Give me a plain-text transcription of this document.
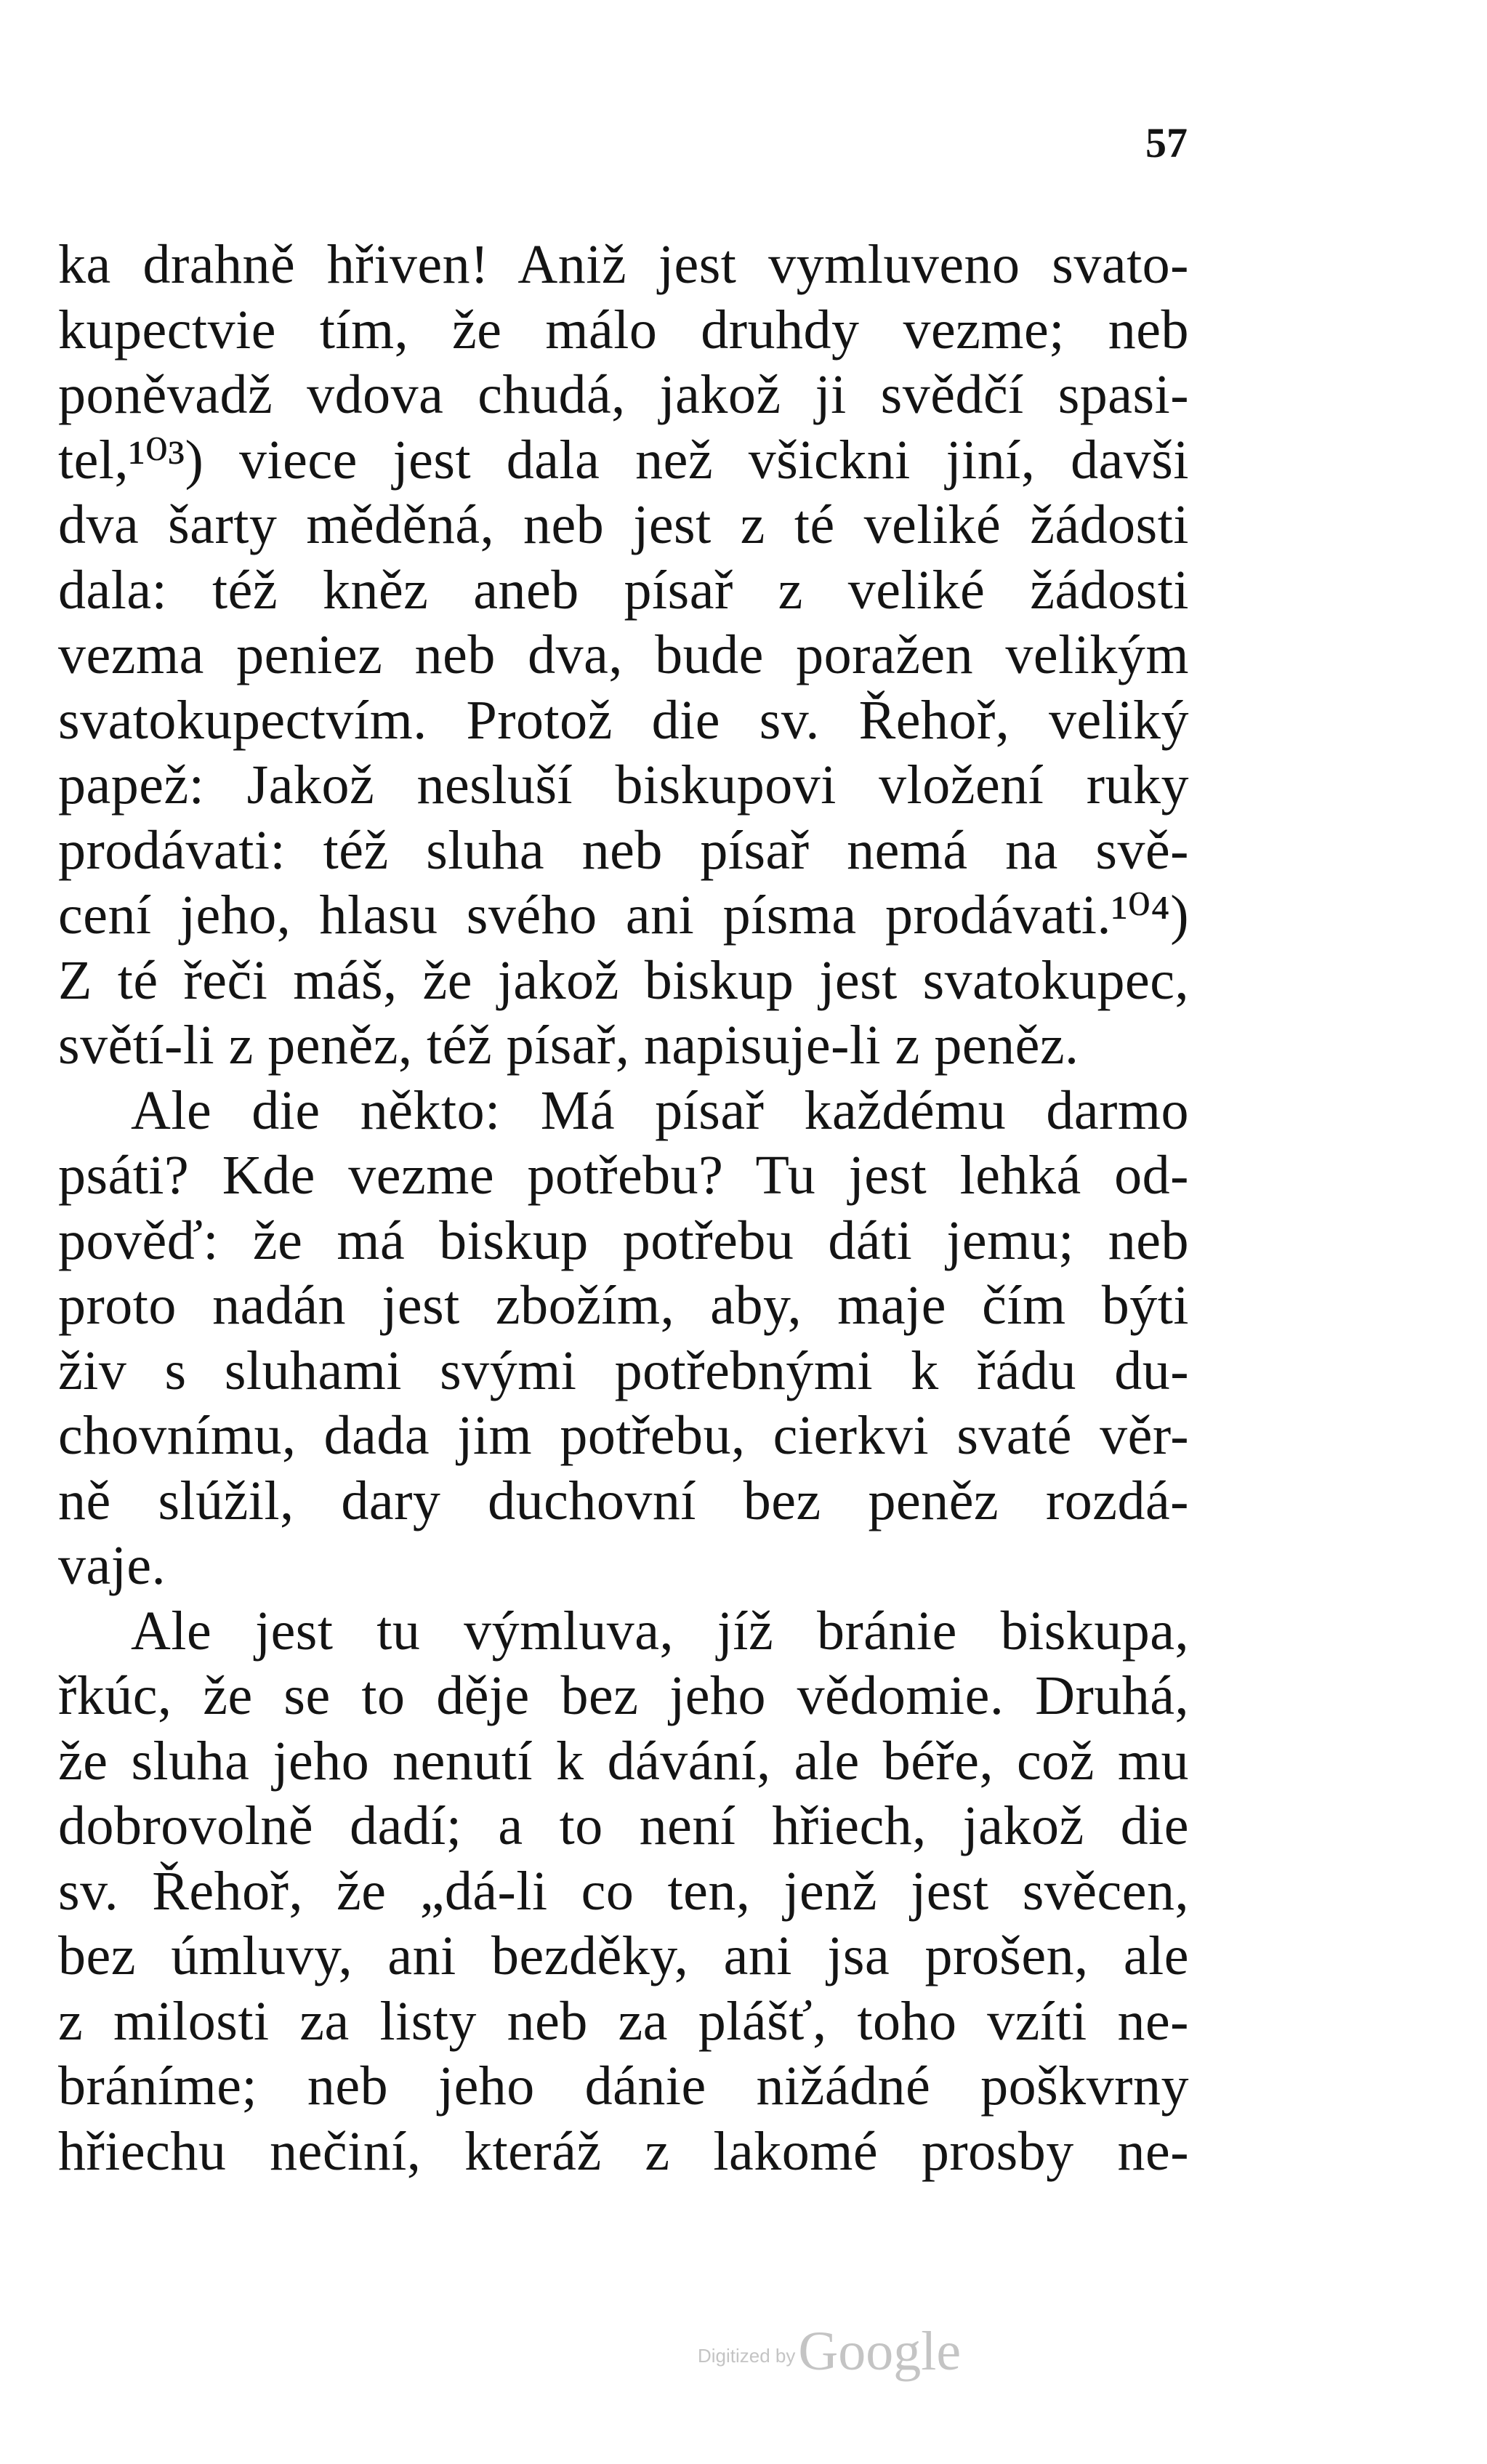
57
ka drahně hřiven! Aniž jest vymluveno svato-
kupectvie tím, že málo druhdy vezme; neb
poněvadž vdova chudá, jakož ji svědčí spasi-
tel,¹⁰³) viece jest dala než všickni jiní, davši
dva šarty měděná, neb jest z té veliké žádosti
dala: též kněz aneb písař z veliké žádosti
vezma peniez neb dva, bude poražen velikým
svatokupectvím. Protož die sv. Řehoř, veliký
papež: Jakož nesluší biskupovi vložení ruky
prodávati: též sluha neb písař nemá na svě-
cení jeho, hlasu svého ani písma prodávati.¹⁰⁴)
Z té řeči máš, že jakož biskup jest svatokupec,
světí-li z peněz, též písař, napisuje-li z peněz.
Ale die někto: Má písař každému darmo
psáti? Kde vezme potřebu? Tu jest lehká od-
pověď: že má biskup potřebu dáti jemu; neb
proto nadán jest zbožím, aby, maje čím býti
živ s sluhami svými potřebnými k řádu du-
chovnímu, dada jim potřebu, cierkvi svaté věr-
ně slúžil, dary duchovní bez peněz rozdá-
vaje.
Ale jest tu výmluva, jíž bránie biskupa,
řkúc, že se to děje bez jeho vědomie. Druhá,
že sluha jeho nenutí k dávání, ale béře, což mu
dobrovolně dadí; a to není hřiech, jakož die
sv. Řehoř, že „dá-li co ten, jenž jest svěcen,
bez úmluvy, ani bezděky, ani jsa prošen, ale
z milosti za listy neb za plášť, toho vzíti ne-
bráníme; neb jeho dánie nižádné poškvrny
hřiechu nečiní, kteráž z lakomé prosby ne-
Digitized by Google
